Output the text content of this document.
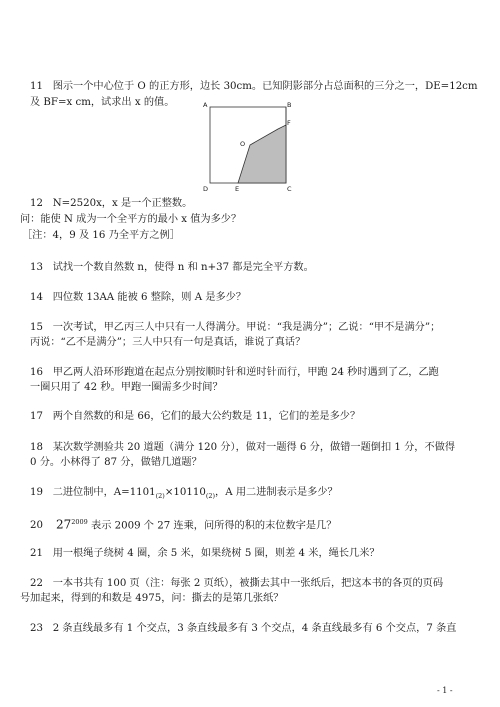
11 图示一个中心位于 O 的正方形，边长 30cm。已知阴影部分占总面积的三分之一，DE=12cm
及 BF=x cm，试求出 x 的值。	A	B
C
D	E
F
O
12 N=2520x，x 是一个正整数。
问：能使 N 成为一个全平方的最小 x 值为多少？
［注：4，9 及 16 乃全平方之例］
13 试找一个数自然数 n，使得 n 和 n+37 都是完全平方数。
14 四位数 13AA 能被 6 整除，则 A 是多少？
15 一次考试，甲乙丙三人中只有一人得满分。甲说：“我是满分”；乙说：“甲不是满分”；
丙说：“乙不是满分”；三人中只有一句是真话，谁说了真话？
16 甲乙两人沿环形跑道在起点分别按顺时针和逆时针而行，甲跑 24 秒时遇到了乙，乙跑
一圈只用了 42 秒。甲跑一圈需多少时间？
17 两个自然数的和是 66，它们的最大公约数是 11，它们的差是多少？
18 某次数学测验共 20 道题（满分 120 分），做对一题得 6 分，做错一题倒扣 1 分，不做得
0 分。小林得了 87 分，做错几道题？
19 二进位制中，$A=1101_{(2)}\times 10110_{(2)}$，A 用二进制表示是多少？
20 $27^{2009}$ 表示 2009 个 27 连乘，问所得的积的末位数字是几？
21 用一根绳子绕树 4 圈，余 5 米，如果绕树 5 圈，则差 4 米，绳长几米？
22 一本书共有 100 页（注：每张 2 页纸），被撕去其中一张纸后，把这本书的各页的页码
号加起来，得到的和数是 4975，问：撕去的是第几张纸？
23 2 条直线最多有 1 个交点，3 条直线最多有 3 个交点，4 条直线最多有 6 个交点，7 条直
- 1 -
